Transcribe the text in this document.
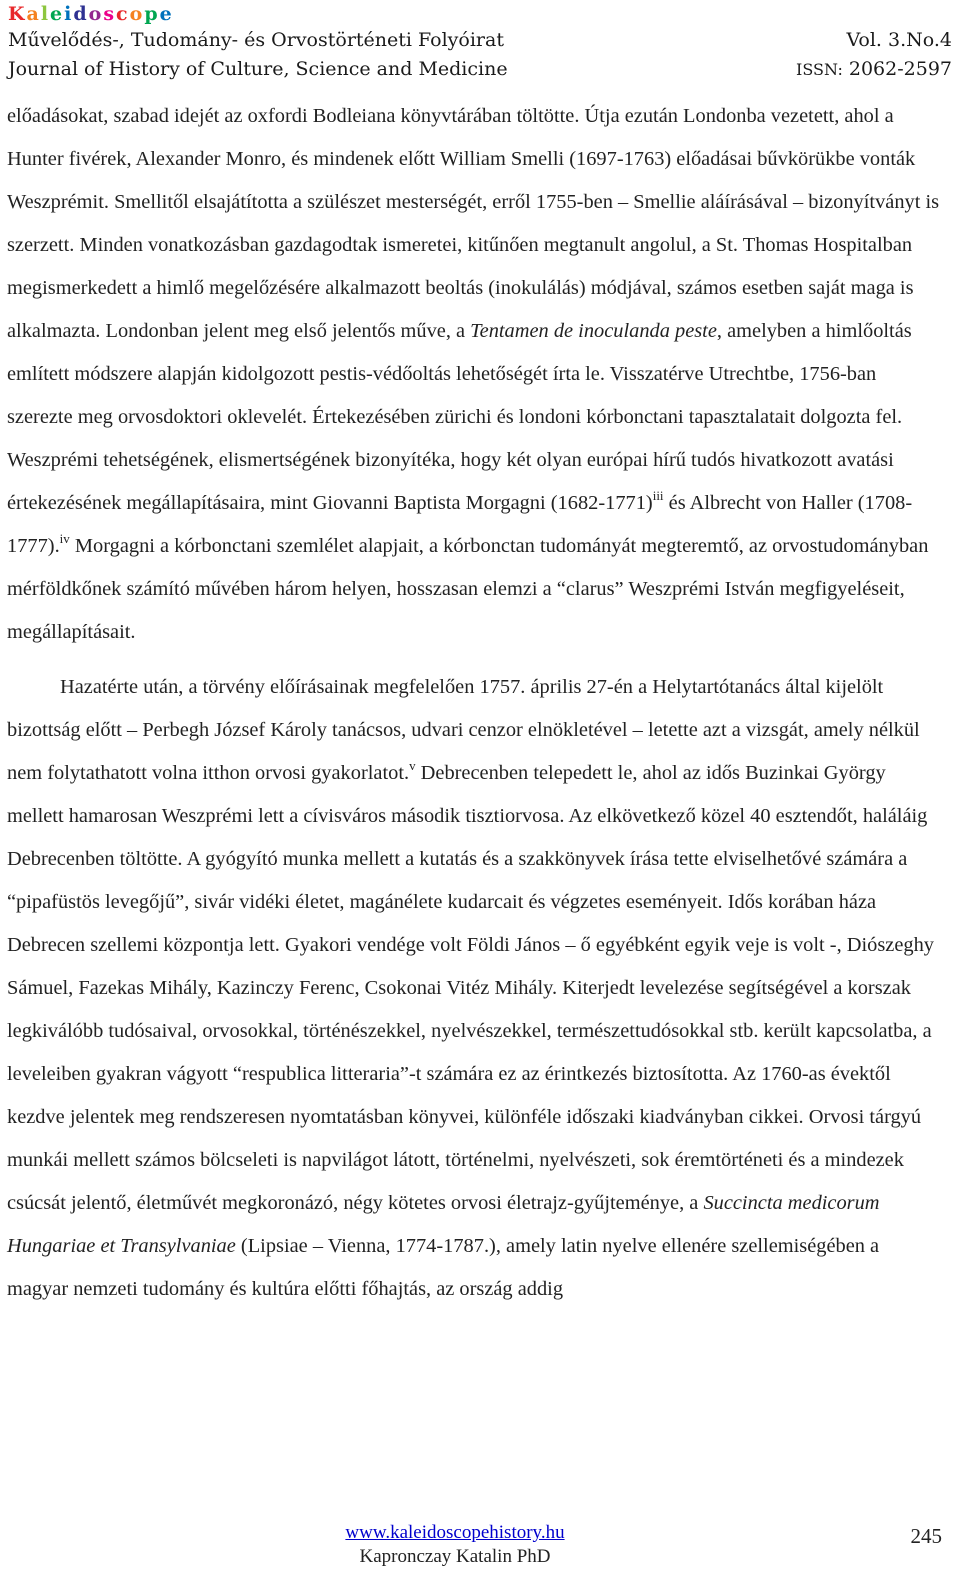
Kaleidoscope
Művelődés-, Tudomány- és Orvostörténeti Folyóirat	Vol. 3.No.4
Journal of History of Culture, Science and Medicine	ISSN: 2062-2597

előadásokat, szabad idejét az oxfordi Bodleiana könyvtárában töltötte. Útja ezután Londonba vezetett, ahol a Hunter fivérek, Alexander Monro, és mindenek előtt William Smelli (1697-1763) előadásai bűvkörükbe vonták Weszprémit. Smellitől elsajátította a szülészet mesterségét, erről 1755-ben – Smellie aláírásával – bizonyítványt is szerzett. Minden vonatkozásban gazdagodtak ismeretei, kitűnően megtanult angolul, a St. Thomas Hospitalban megismerkedett a himlő megelőzésére alkalmazott beoltás (inokulálás) módjával, számos esetben saját maga is alkalmazta. Londonban jelent meg első jelentős műve, a Tentamen de inoculanda peste, amelyben a himlőoltás említett módszere alapján kidolgozott pestis-védőoltás lehetőségét írta le. Visszatérve Utrechtbe, 1756-ban szerezte meg orvosdoktori oklevelét. Értekezésében zürichi és londoni kórbonctani tapasztalatait dolgozta fel. Weszprémi tehetségének, elismertségének bizonyítéka, hogy két olyan európai hírű tudós hivatkozott avatási értekezésének megállapításaira, mint Giovanni Baptista Morgagni (1682-1771)$^{iii}$ és Albrecht von Haller (1708-1777).$^{iv}$ Morgagni a kórbonctani szemlélet alapjait, a kórbonctan tudományát megteremtő, az orvostudományban mérföldkőnek számító művében három helyen, hosszasan elemzi a “clarus” Weszprémi István megfigyeléseit, megállapításait.

Hazatérte után, a törvény előírásainak megfelelően 1757. április 27-én a Helytartótanács által kijelölt bizottság előtt – Perbegh József Károly tanácsos, udvari cenzor elnökletével – letette azt a vizsgát, amely nélkül nem folytathatott volna itthon orvosi gyakorlatot.$^v$ Debrecenben telepedett le, ahol az idős Buzinkai György mellett hamarosan Weszprémi lett a cívisváros második tisztiorvosa. Az elkövetkező közel 40 esztendőt, haláláig Debrecenben töltötte. A gyógyító munka mellett a kutatás és a szakkönyvek írása tette elviselhetővé számára a “pipafüstös levegőjű”, sivár vidéki életet, magánélete kudarcait és végzetes eseményeit. Idős korában háza Debrecen szellemi központja lett. Gyakori vendége volt Földi János – ő egyébként egyik veje is volt -, Diószeghy Sámuel, Fazekas Mihály, Kazinczy Ferenc, Csokonai Vitéz Mihály. Kiterjedt levelezése segítségével a korszak legkiválóbb tudósaival, orvosokkal, történészekkel, nyelvészekkel, természettudósokkal stb. került kapcsolatba, a leveleiben gyakran vágyott “respublica litteraria”-t számára ez az érintkezés biztosította. Az 1760-as évektől kezdve jelentek meg rendszeresen nyomtatásban könyvei, különféle időszaki kiadványban cikkei. Orvosi tárgyú munkái mellett számos bölcseleti is napvilágot látott, történelmi, nyelvészeti, sok éremtörténeti és a mindezek csúcsát jelentő, életművét megkoronázó, négy kötetes orvosi életrajz-gyűjteménye, a Succincta medicorum Hungariae et Transylvaniae (Lipsiae – Vienna, 1774-1787.), amely latin nyelve ellenére szellemiségében a magyar nemzeti tudomány és kultúra előtti főhajtás, az ország addig

www.kaleidoscopehistory.hu
Kapronczay Katalin PhD
245
